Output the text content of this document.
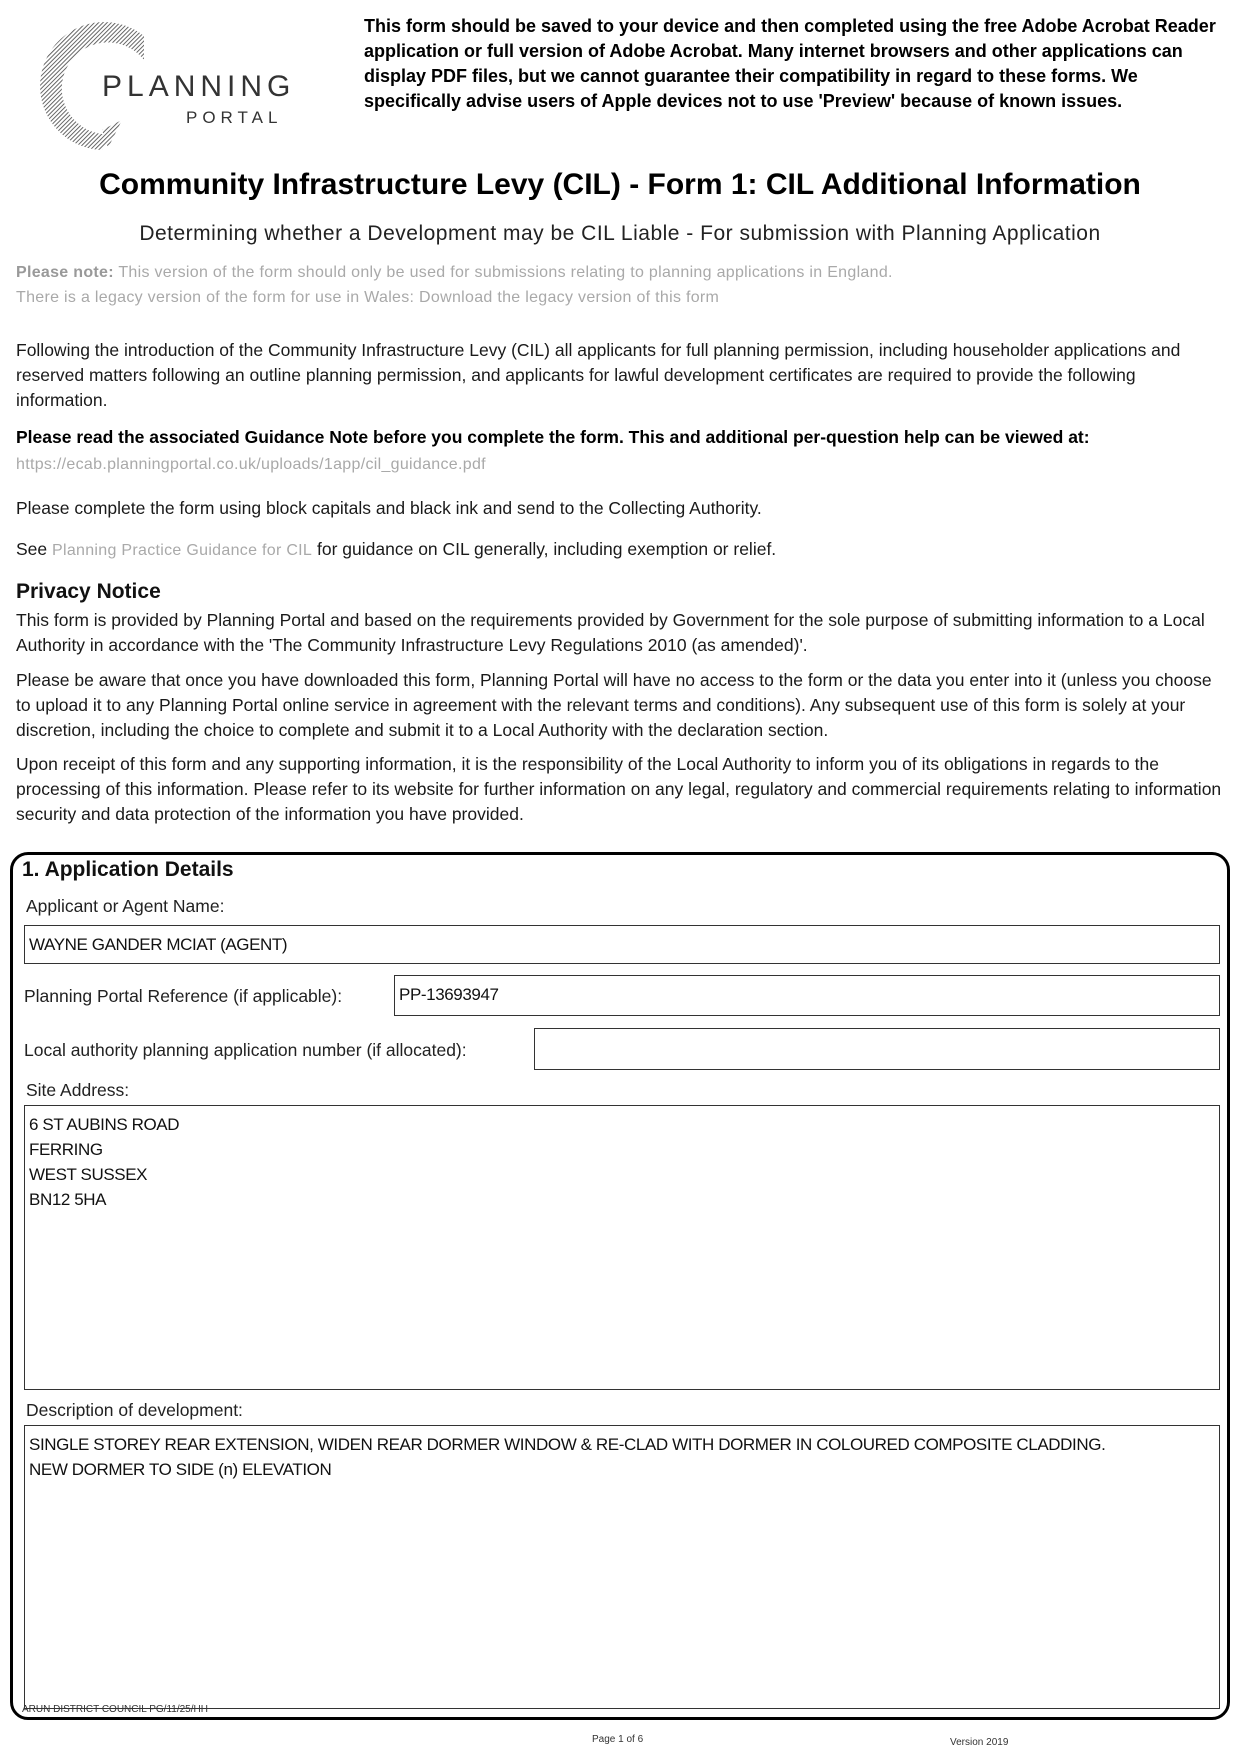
PLANNING
PORTAL
This form should be saved to your device and then completed using the free Adobe Acrobat Reader application or full version of Adobe Acrobat. Many internet browsers and other applications can display PDF files, but we cannot guarantee their compatibility in regard to these forms. We specifically advise users of Apple devices not to use 'Preview' because of known issues.
Community Infrastructure Levy (CIL) - Form 1: CIL Additional Information
Determining whether a Development may be CIL Liable - For submission with Planning Application
Please note: This version of the form should only be used for submissions relating to planning applications in England.
There is a legacy version of the form for use in Wales: Download the legacy version of this form
Following the introduction of the Community Infrastructure Levy (CIL) all applicants for full planning permission, including householder applications and reserved matters following an outline planning permission, and applicants for lawful development certificates are required to provide the following information.
Please read the associated Guidance Note before you complete the form. This and additional per-question help can be viewed at:
https://ecab.planningportal.co.uk/uploads/1app/cil_guidance.pdf
Please complete the form using block capitals and black ink and send to the Collecting Authority.
See Planning Practice Guidance for CIL for guidance on CIL generally, including exemption or relief.
Privacy Notice
This form is provided by Planning Portal and based on the requirements provided by Government for the sole purpose of submitting information to a Local Authority in accordance with the 'The Community Infrastructure Levy Regulations 2010 (as amended)'.
Please be aware that once you have downloaded this form, Planning Portal will have no access to the form or the data you enter into it (unless you choose to upload it to any Planning Portal online service in agreement with the relevant terms and conditions). Any subsequent use of this form is solely at your discretion, including the choice to complete and submit it to a Local Authority with the declaration section.
Upon receipt of this form and any supporting information, it is the responsibility of the Local Authority to inform you of its obligations in regards to the processing of this information. Please refer to its website for further information on any legal, regulatory and commercial requirements relating to information security and data protection of the information you have provided.
1. Application Details
Applicant or Agent Name:
WAYNE GANDER MCIAT (AGENT)
Planning Portal Reference (if applicable):	PP-13693947
Local authority planning application number (if allocated):
Site Address:
6 ST AUBINS ROAD
FERRING
WEST SUSSEX
BN12 5HA
Description of development:
SINGLE STOREY REAR EXTENSION, WIDEN REAR DORMER WINDOW & RE-CLAD WITH DORMER IN COLOURED COMPOSITE CLADDING.
NEW DORMER TO SIDE (n) ELEVATION
ARUN DISTRICT COUNCIL PG/11/25/HH
Page 1 of 6	Version 2019
